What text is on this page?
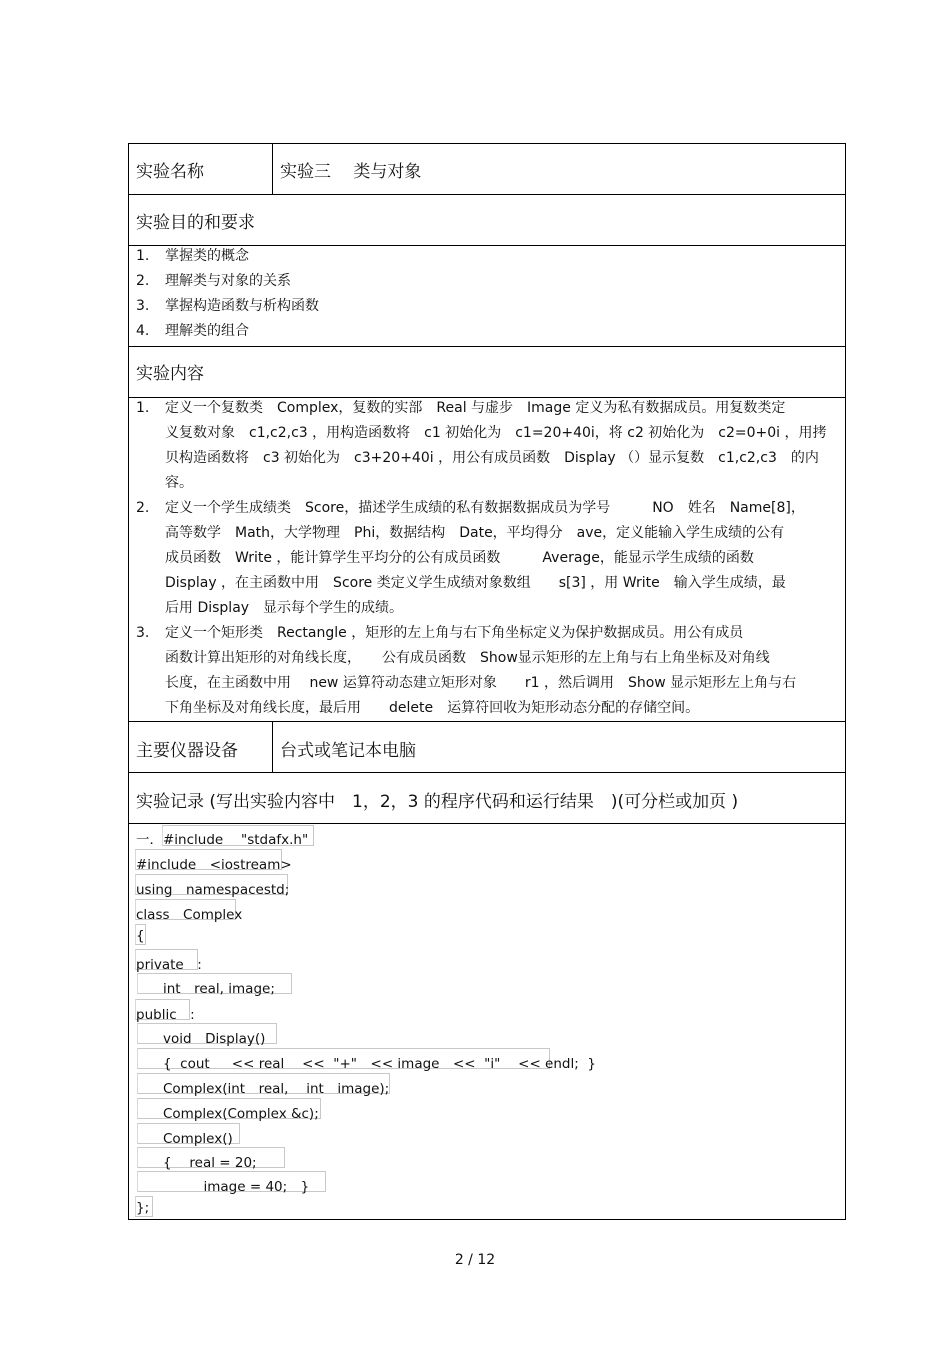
实验名称	实验三　 类与对象
实验目的和要求
1. 掌握类的概念
2. 理解类与对象的关系
3. 掌握构造函数与析构函数
4. 理解类的组合
实验内容
1. 定义一个复数类　Complex，复数的实部　Real 与虚步　Image 定义为私有数据成员。用复数类定
义复数对象　c1,c2,c3 ，用构造函数将　c1 初始化为　c1=20+40i，将 c2 初始化为　c2=0+0i ，用拷
贝构造函数将　c3 初始化为　c3+20+40i ，用公有成员函数　Display （）显示复数　c1,c2,c3　的内
容。
2. 定义一个学生成绩类　Score，描述学生成绩的私有数据数据成员为学号　　　NO　姓名　Name[8]，
高等数学　Math，大学物理　Phi，数据结构　Date，平均得分　ave，定义能输入学生成绩的公有
成员函数　Write ，能计算学生平均分的公有成员函数　　　Average，能显示学生成绩的函数
Display ，在主函数中用　Score 类定义学生成绩对象数组　　s[3] ，用 Write　输入学生成绩，最
后用 Display　显示每个学生的成绩。
3. 定义一个矩形类　Rectangle ，矩形的左上角与右下角坐标定义为保护数据成员。用公有成员
函数计算出矩形的对角线长度，　　公有成员函数　Show显示矩形的左上角与右上角坐标及对角线
长度，在主函数中用　 new 运算符动态建立矩形对象　　r1 ，然后调用　Show 显示矩形左上角与右
下角坐标及对角线长度，最后用　　delete　运算符回收为矩形动态分配的存储空间。
主要仪器设备 台式或笔记本电脑
实验记录 (写出实验内容中　1，2，3 的程序代码和运行结果　)(可分栏或加页 )
一．#include　 "stdafx.h"
#include　<iostream>
using　namespacestd;
class　Complex
{
private　:
　　int　real, image;
public　:
　　void　Display()
　　{  cout　  << real　 <<  "+"　<< image　<<  "i"　 << endl;  }
　　Complex(int　real,　 int　image);
　　Complex(Complex &c);
　　Complex()
　　{　 real = 20;
　　　　　image = 40;　}
};
2 / 12
